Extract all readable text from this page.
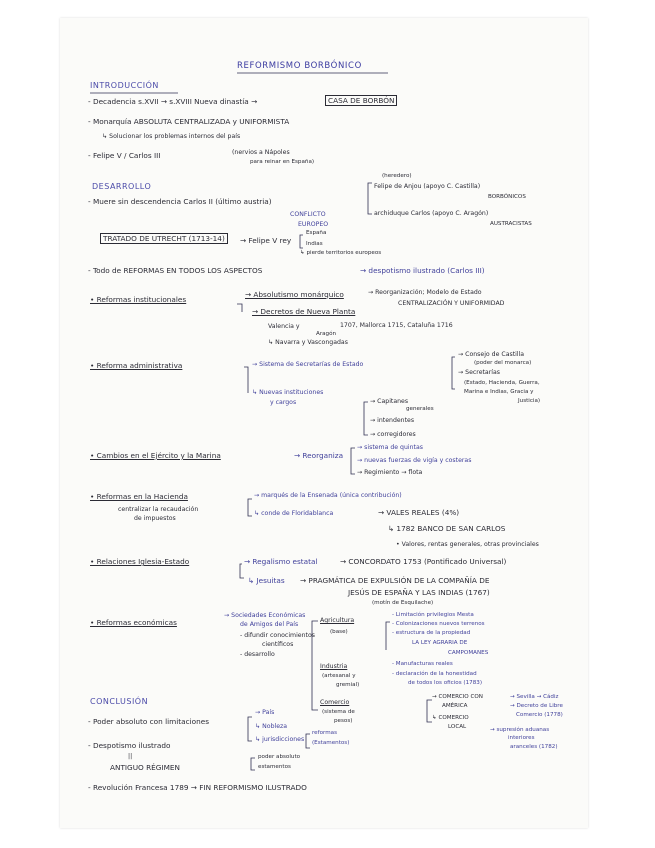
REFORMISMO BORBÓNICO
INTRODUCCIÓN
- Decadencia s.XVII → s.XVIII Nueva dinastía →	CASA DE BORBÓN
- Monarquía ABSOLUTA CENTRALIZADA y UNIFORMISTA
↳ Solucionar los problemas internos del país
- Felipe V / Carlos III	(nervios a Nápoles
para reinar en España)
DESARROLLO
- Muere sin descendencia Carlos II (último austria)
(heredero)
Felipe de Anjou (apoyo C. Castilla)
BORBÓNICOS
archiduque Carlos (apoyo C. Aragón)
AUSTRACISTAS
CONFLICTO
EUROPEO
TRATADO DE UTRECHT (1713-14)	→ Felipe V rey
España
Indias
↳ pierde territorios europeos
- Todo de REFORMAS EN TODOS LOS ASPECTOS	→ despotismo ilustrado (Carlos III)
• Reformas institucionales
→ Absolutismo monárquico	→ Reorganización; Modelo de Estado
CENTRALIZACIÓN Y UNIFORMIDAD
→ Decretos de Nueva Planta
Valencia y
Aragón
1707, Mallorca 1715, Cataluña 1716
↳ Navarra y Vascongadas
• Reforma administrativa	→ Sistema de Secretarías de Estado
→ Consejo de Castilla
(poder del monarca)
→ Secretarías
(Estado, Hacienda, Guerra,
Marina e Indias, Gracia y
Justicia)
↳ Nuevas instituciones
y cargos	→ Capitanes
generales
→ intendentes
→ corregidores
• Cambios en el Ejército y la Marina	→ Reorganiza
→ sistema de quintas
→ nuevas fuerzas de vigía y costeras
→ Regimiento → flota
• Reformas en la Hacienda
centralizar la recaudación
de impuestos
→ marqués de la Ensenada (única contribución)
↳ conde de Floridablanca	→ VALES REALES (4%)
↳ 1782 BANCO DE SAN CARLOS
• Valores, rentas generales, otras provinciales
• Relaciones Iglesia-Estado	→ Regalismo estatal	→ CONCORDATO 1753 (Pontificado Universal)
↳ Jesuitas → PRAGMÁTICA DE EXPULSIÓN DE LA COMPAÑÍA DE
JESÚS DE ESPAÑA Y LAS INDIAS (1767)
(motín de Esquilache)
• Reformas económicas
→ Sociedades Económicas
de Amigos del País
- difundir conocimientos
científicos
- desarrollo
Agricultura
(base)
- Limitación privilegios Mesta
- Colonizaciones nuevos terrenos
- estructura de la propiedad
LA LEY AGRARIA DE
CAMPOMANES
Industria
(artesanal y
gremial)
- Manufacturas reales
- declaración de la honestidad
de todos los oficios (1783)
Comercio
(sistema de
pesos)
→ COMERCIO CON
AMÉRICA
↳ COMERCIO
LOCAL
→ Sevilla → Cádiz
→ Decreto de Libre
Comercio (1778)
→ supresión aduanas
interiores
aranceles (1782)
CONCLUSIÓN
- Poder absoluto con limitaciones
→ País
↳ Nobleza
↳ jurisdicciones
reformas
(Estamentos)
- Despotismo ilustrado
||
ANTIGUO RÉGIMEN
poder absoluto
estamentos
- Revolución Francesa 1789 → FIN REFORMISMO ILUSTRADO
